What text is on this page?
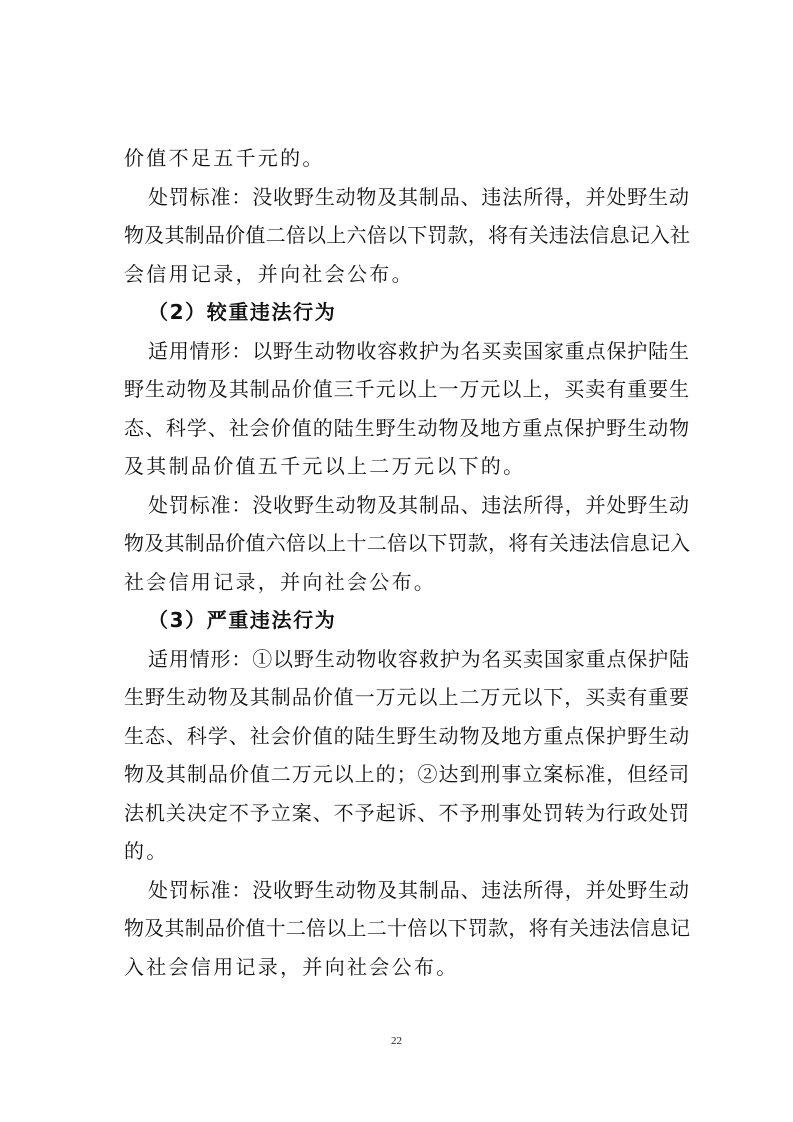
价值不足五千元的。
处罚标准：没收野生动物及其制品、违法所得，并处野生动
物及其制品价值二倍以上六倍以下罚款，将有关违法信息记入社
会信用记录，并向社会公布。
（2）较重违法行为
适用情形：以野生动物收容救护为名买卖国家重点保护陆生
野生动物及其制品价值三千元以上一万元以上，买卖有重要生
态、科学、社会价值的陆生野生动物及地方重点保护野生动物
及其制品价值五千元以上二万元以下的。
处罚标准：没收野生动物及其制品、违法所得，并处野生动
物及其制品价值六倍以上十二倍以下罚款，将有关违法信息记入
社会信用记录，并向社会公布。
（3）严重违法行为
适用情形：①以野生动物收容救护为名买卖国家重点保护陆
生野生动物及其制品价值一万元以上二万元以下，买卖有重要
生态、科学、社会价值的陆生野生动物及地方重点保护野生动
物及其制品价值二万元以上的；②达到刑事立案标准，但经司
法机关决定不予立案、不予起诉、不予刑事处罚转为行政处罚
的。
处罚标准：没收野生动物及其制品、违法所得，并处野生动
物及其制品价值十二倍以上二十倍以下罚款，将有关违法信息记
入社会信用记录，并向社会公布。
22
